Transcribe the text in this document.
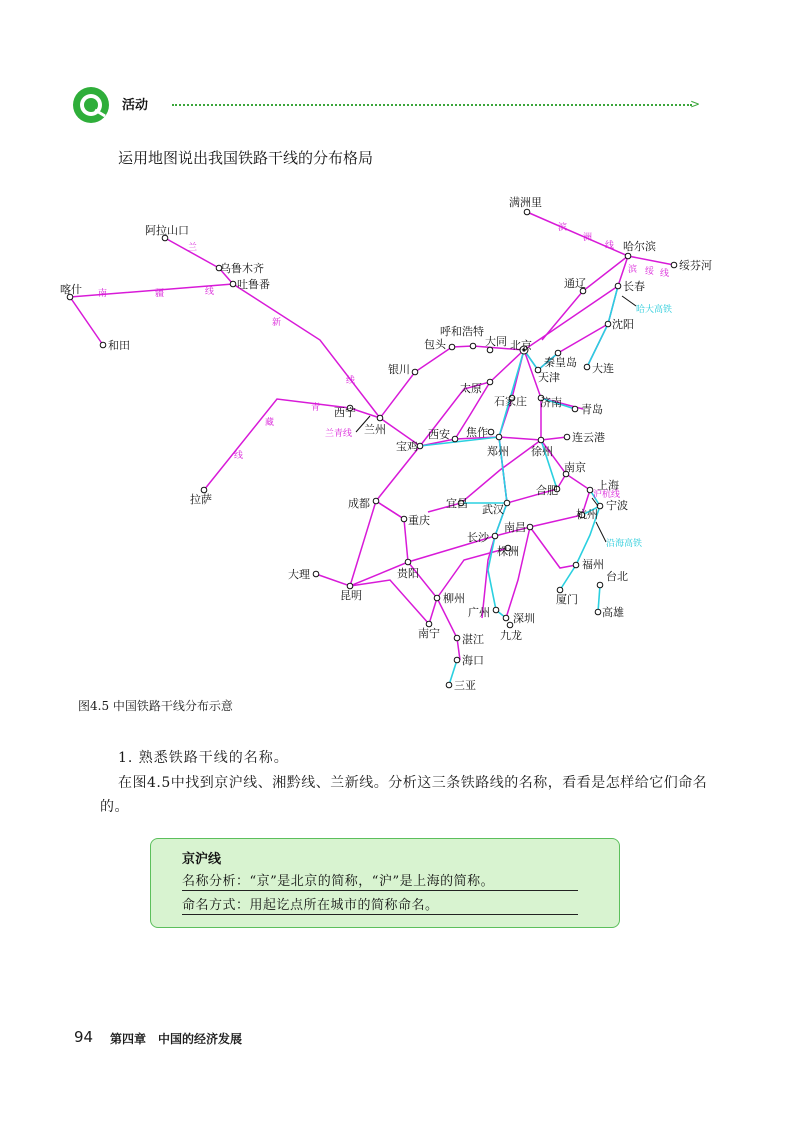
活动	>
运用地图说出我国铁路干线的分布格局
满洲里
哈尔滨
绥芬河
长春
沈阳
大连
通辽
阿拉山口
乌鲁木齐
吐鲁番
喀什
和田
呼和浩特
包头	大同 北京
秦皇岛
天津
银川
太原
石家庄 济南
青岛
西宁
兰州
拉萨
宝鸡
西安 焦作
郑州 徐州
连云港
南京
上海
合肥
宁波
杭州
宜昌 武汉
成都
重庆
长沙
南昌
株洲
福州
台北
大理	贵阳
昆明	柳州	厦门
高雄
广州 深圳
九龙
南宁 湛江
海口
三亚
滨
洲
线
滨 绥 线
哈大高铁
兰
新
线
南	疆	线
青
藏
线
兰青线
沿海高铁
沪杭线
图4.5 中国铁路干线分布示意
1. 熟悉铁路干线的名称。
在图4.5中找到京沪线、湘黔线、兰新线。分析这三条铁路线的名称，看看是怎样给它们命名的。
京沪线
名称分析：“京”是北京的简称，“沪”是上海的简称。
命名方式：用起讫点所在城市的简称命名。
94 第四章　中国的经济发展
